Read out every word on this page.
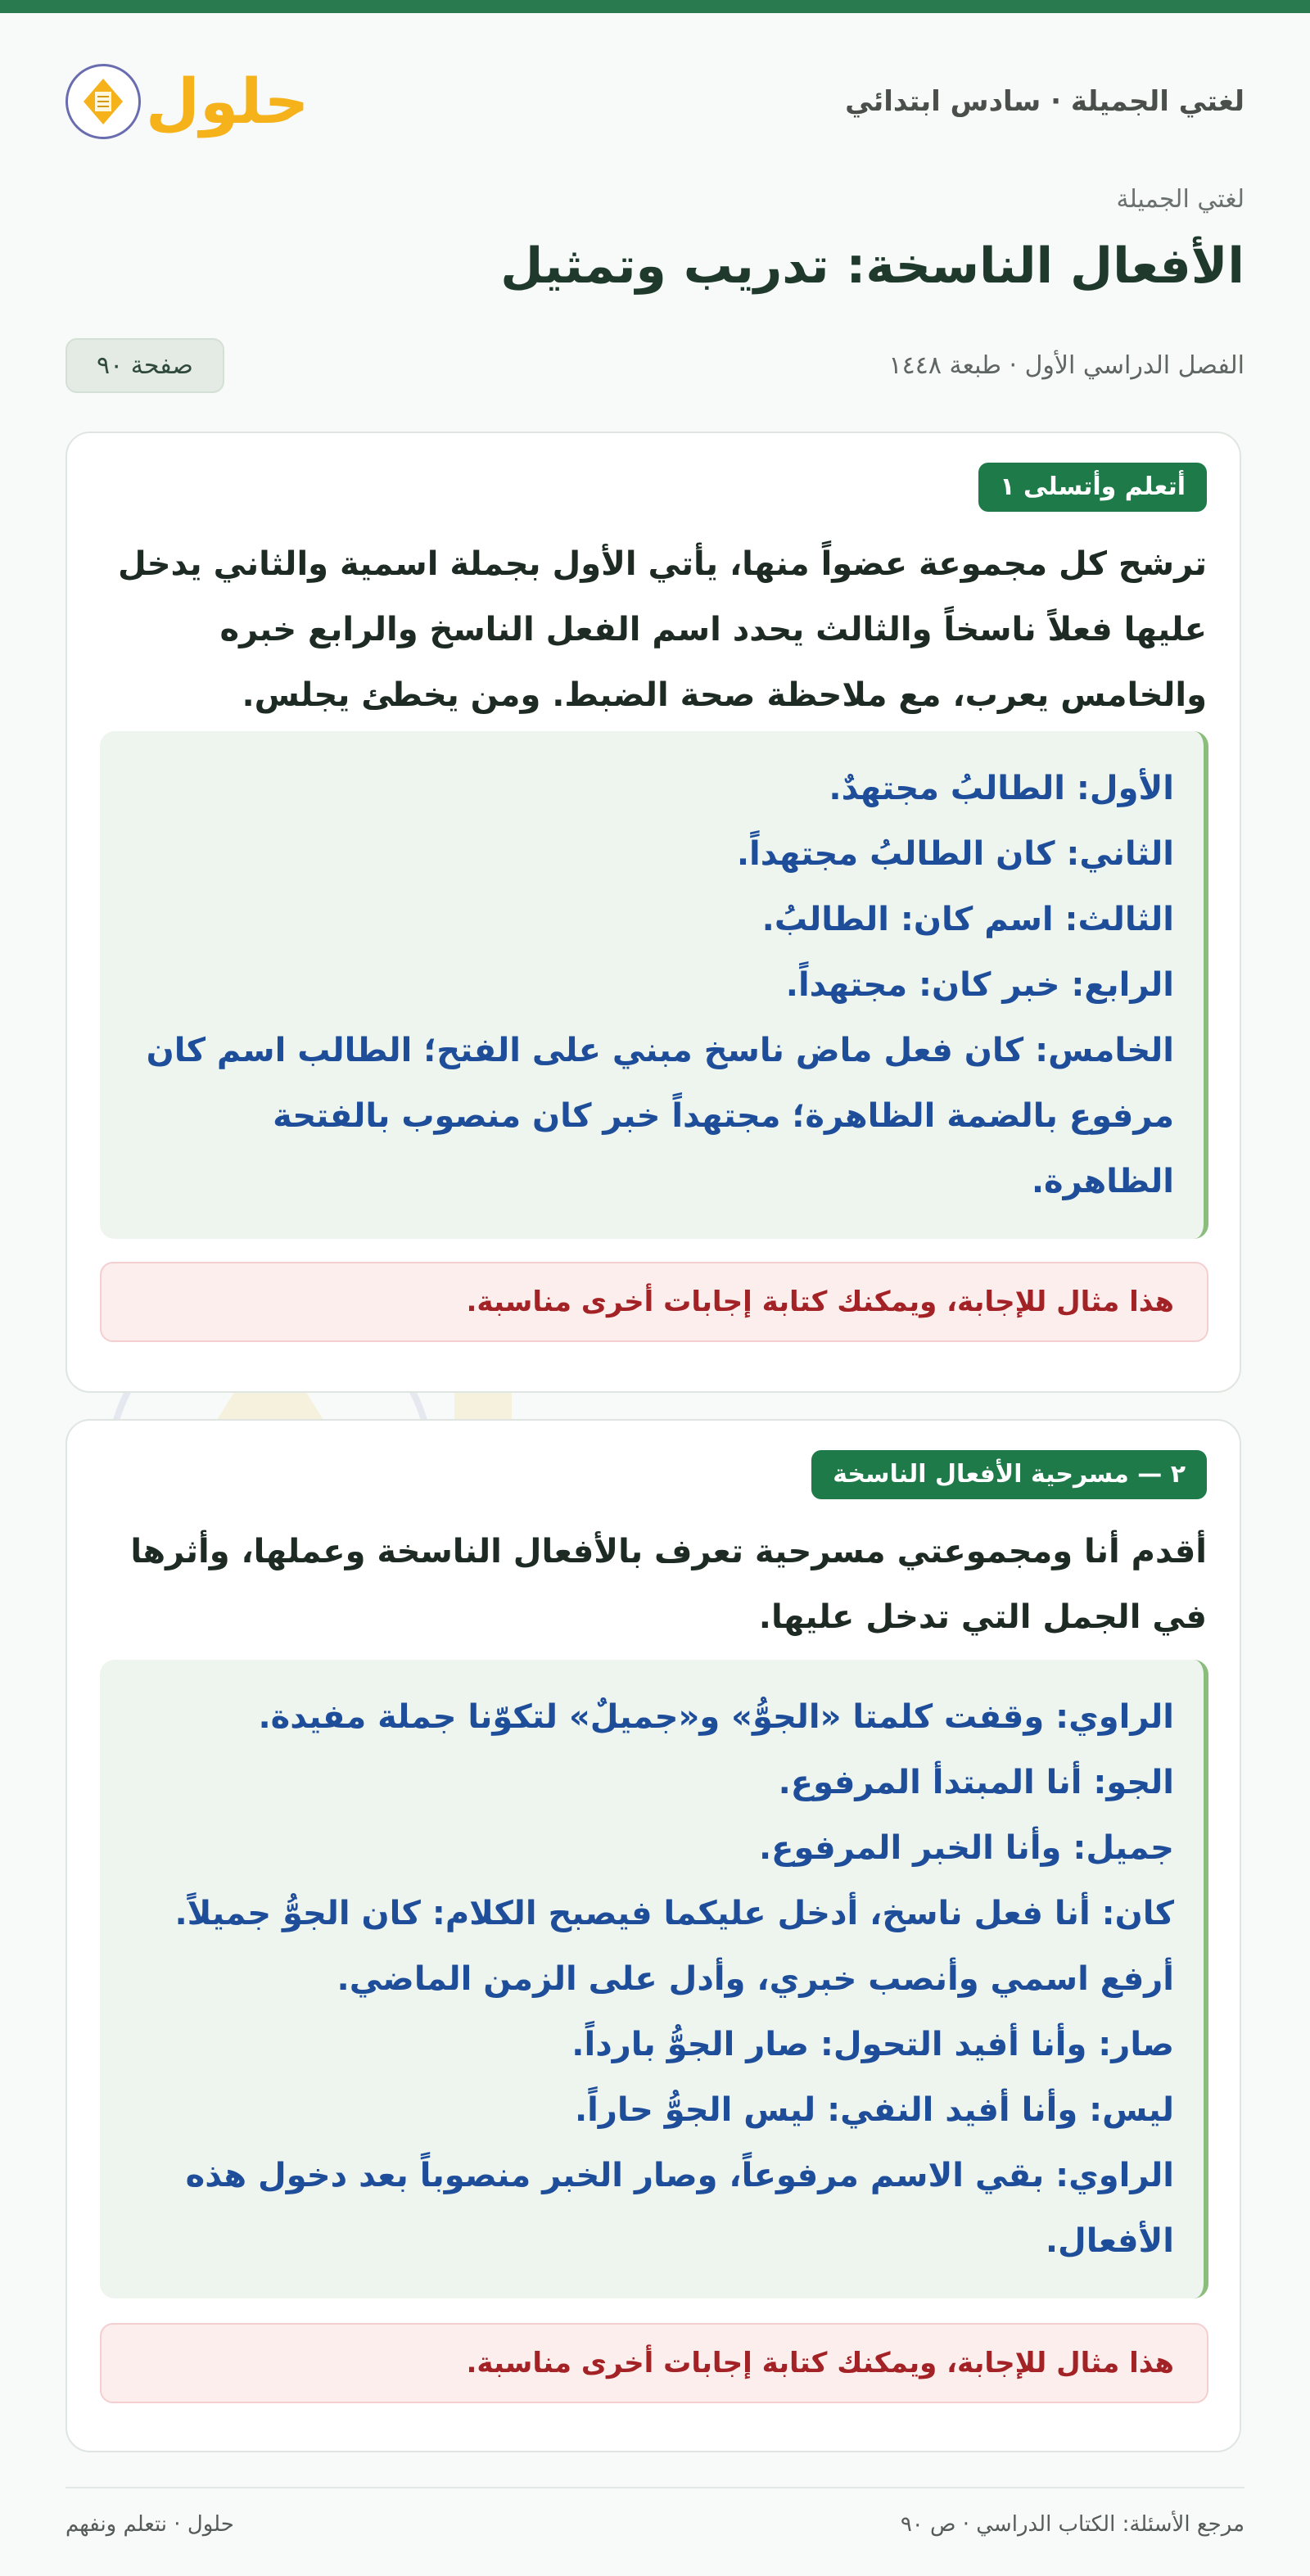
لغتي الجميلة · سادس ابتدائي
حلول
لغتي الجميلة
الأفعال الناسخة: تدريب وتمثيل
الفصل الدراسي الأول · طبعة ١٤٤٨
صفحة ٩٠
أتعلم وأتسلى ١

ترشح كل مجموعة عضواً منها، يأتي الأول بجملة اسمية والثاني يدخل عليها فعلاً ناسخاً والثالث يحدد اسم الفعل الناسخ والرابع خبره والخامس يعرب، مع ملاحظة صحة الضبط. ومن يخطئ يجلس.

الأول: الطالبُ مجتهدٌ.

الثاني: كان الطالبُ مجتهداً.

الثالث: اسم كان: الطالبُ.

الرابع: خبر كان: مجتهداً.

الخامس: كان فعل ماض ناسخ مبني على الفتح؛ الطالب اسم كان مرفوع بالضمة الظاهرة؛ مجتهداً خبر كان منصوب بالفتحة الظاهرة.

هذا مثال للإجابة، ويمكنك كتابة إجابات أخرى مناسبة.
٢ — مسرحية الأفعال الناسخة

أقدم أنا ومجموعتي مسرحية تعرف بالأفعال الناسخة وعملها، وأثرها في الجمل التي تدخل عليها.

الراوي: وقفت كلمتا «الجوُّ» و«جميلٌ» لتكوّنا جملة مفيدة.

الجو: أنا المبتدأ المرفوع.

جميل: وأنا الخبر المرفوع.

كان: أنا فعل ناسخ، أدخل عليكما فيصبح الكلام: كان الجوُّ جميلاً.

أرفع اسمي وأنصب خبري، وأدل على الزمن الماضي.

صار: وأنا أفيد التحول: صار الجوُّ بارداً.

ليس: وأنا أفيد النفي: ليس الجوُّ حاراً.

الراوي: بقي الاسم مرفوعاً، وصار الخبر منصوباً بعد دخول هذه الأفعال.

هذا مثال للإجابة، ويمكنك كتابة إجابات أخرى مناسبة.
مرجع الأسئلة: الكتاب الدراسي · ص ٩٠
حلول · نتعلم ونفهم
